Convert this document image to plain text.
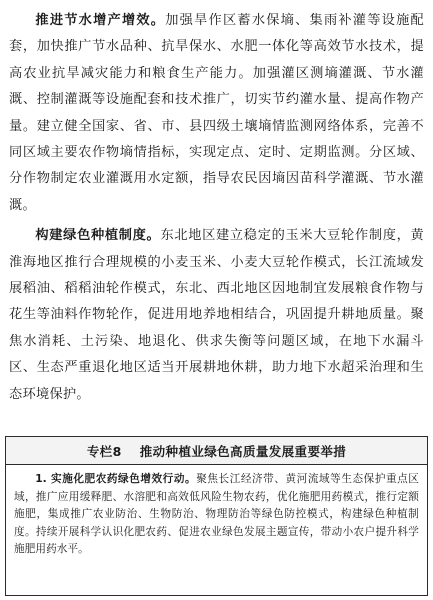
推进节水增产增效。加强旱作区蓄水保墒、集雨补灌等设施配套，加快推广节水品种、抗旱保水、水肥一体化等高效节水技术，提高农业抗旱减灾能力和粮食生产能力。加强灌区测墒灌溉、节水灌溉、控制灌溉等设施配套和技术推广，切实节约灌水量、提高作物产量。建立健全国家、省、市、县四级土壤墒情监测网络体系，完善不同区域主要农作物墒情指标，实现定点、定时、定期监测。分区域、分作物制定农业灌溉用水定额，指导农民因墒因苗科学灌溉、节水灌溉。

构建绿色种植制度。东北地区建立稳定的玉米大豆轮作制度，黄淮海地区推行合理规模的小麦玉米、小麦大豆轮作模式，长江流域发展稻油、稻稻油轮作模式，东北、西北地区因地制宜发展粮食作物与花生等油料作物轮作，促进用地养地相结合，巩固提升耕地质量。聚焦水消耗、土污染、地退化、供求失衡等问题区域，在地下水漏斗区、生态严重退化地区适当开展耕地休耕，助力地下水超采治理和生态环境保护。

专栏8 推动种植业绿色高质量发展重要举措

1. 实施化肥农药绿色增效行动。聚焦长江经济带、黄河流域等生态保护重点区域，推广应用缓释肥、水溶肥和高效低风险生物农药，优化施肥用药模式，推行定额施肥，集成推广农业防治、生物防治、物理防治等绿色防控模式，构建绿色种植制度。持续开展科学认识化肥农药、促进农业绿色发展主题宣传，带动小农户提升科学施肥用药水平。
